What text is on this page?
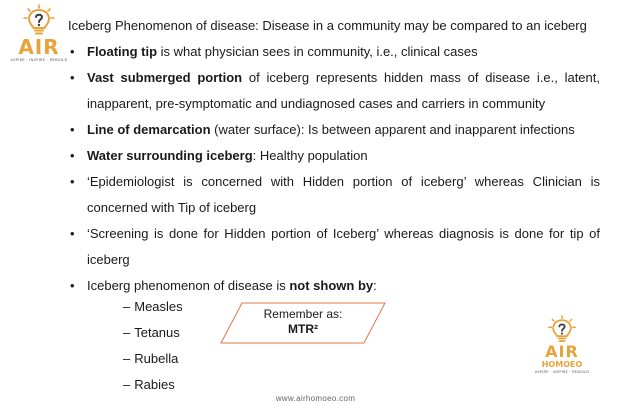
AIR
ASPIRE · INSPIRE · REBUILD

Iceberg Phenomenon of disease: Disease in a community may be compared to an iceberg

• Floating tip is what physician sees in community, i.e., clinical cases
• Vast submerged portion of iceberg represents hidden mass of disease i.e., latent, inapparent, pre-symptomatic and undiagnosed cases and carriers in community
• Line of demarcation (water surface): Is between apparent and inapparent infections
• Water surrounding iceberg: Healthy population
• ‘Epidemiologist is concerned with Hidden portion of iceberg’ whereas Clinician is concerned with Tip of iceberg
• ‘Screening is done for Hidden portion of Iceberg’ whereas diagnosis is done for tip of iceberg
• Iceberg phenomenon of disease is not shown by:
– Measles
– Tetanus
– Rubella
– Rabies
Remember as:
MTR²
AIR
HOMOEO
ASPIRE · INSPIRE · REBUILD
www.airhomoeo.com
